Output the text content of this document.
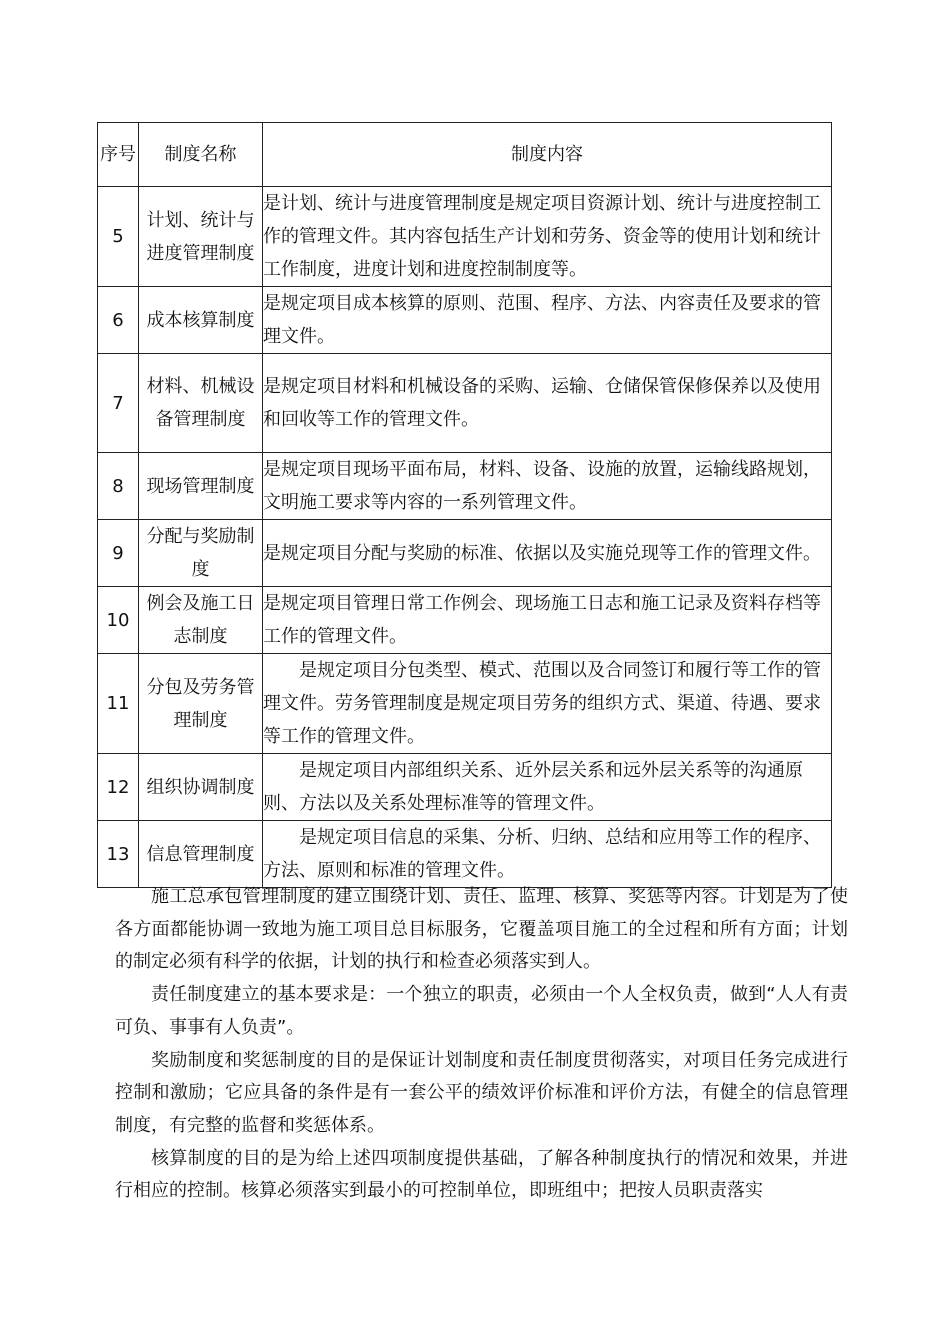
序号	制度名称	制度内容
5	计划、统计与进度管理制度	是计划、统计与进度管理制度是规定项目资源计划、统计与进度控制工作的管理文件。其内容包括生产计划和劳务、资金等的使用计划和统计工作制度，进度计划和进度控制制度等。
6	成本核算制度	是规定项目成本核算的原则、范围、程序、方法、内容责任及要求的管理文件。
7	材料、机械设备管理制度	是规定项目材料和机械设备的采购、运输、仓储保管保修保养以及使用和回收等工作的管理文件。
8	现场管理制度	是规定项目现场平面布局，材料、设备、设施的放置，运输线路规划，文明施工要求等内容的一系列管理文件。
9	分配与奖励制度	是规定项目分配与奖励的标准、依据以及实施兑现等工作的管理文件。
10	例会及施工日志制度	是规定项目管理日常工作例会、现场施工日志和施工记录及资料存档等工作的管理文件。
11	分包及劳务管理制度	是规定项目分包类型、模式、范围以及合同签订和履行等工作的管理文件。劳务管理制度是规定项目劳务的组织方式、渠道、待遇、要求等工作的管理文件。
12	组织协调制度	是规定项目内部组织关系、近外层关系和远外层关系等的沟通原则、方法以及关系处理标准等的管理文件。
13	信息管理制度	是规定项目信息的采集、分析、归纳、总结和应用等工作的程序、方法、原则和标准的管理文件。

施工总承包管理制度的建立围绕计划、责任、监理、核算、奖惩等内容。计划是为了使各方面都能协调一致地为施工项目总目标服务，它覆盖项目施工的全过程和所有方面；计划的制定必须有科学的依据，计划的执行和检查必须落实到人。

责任制度建立的基本要求是：一个独立的职责，必须由一个人全权负责，做到“人人有责可负、事事有人负责”。

奖励制度和奖惩制度的目的是保证计划制度和责任制度贯彻落实，对项目任务完成进行控制和激励；它应具备的条件是有一套公平的绩效评价标准和评价方法，有健全的信息管理制度，有完整的监督和奖惩体系。

核算制度的目的是为给上述四项制度提供基础，了解各种制度执行的情况和效果，并进行相应的控制。核算必须落实到最小的可控制单位，即班组中；把按人员职责落实
